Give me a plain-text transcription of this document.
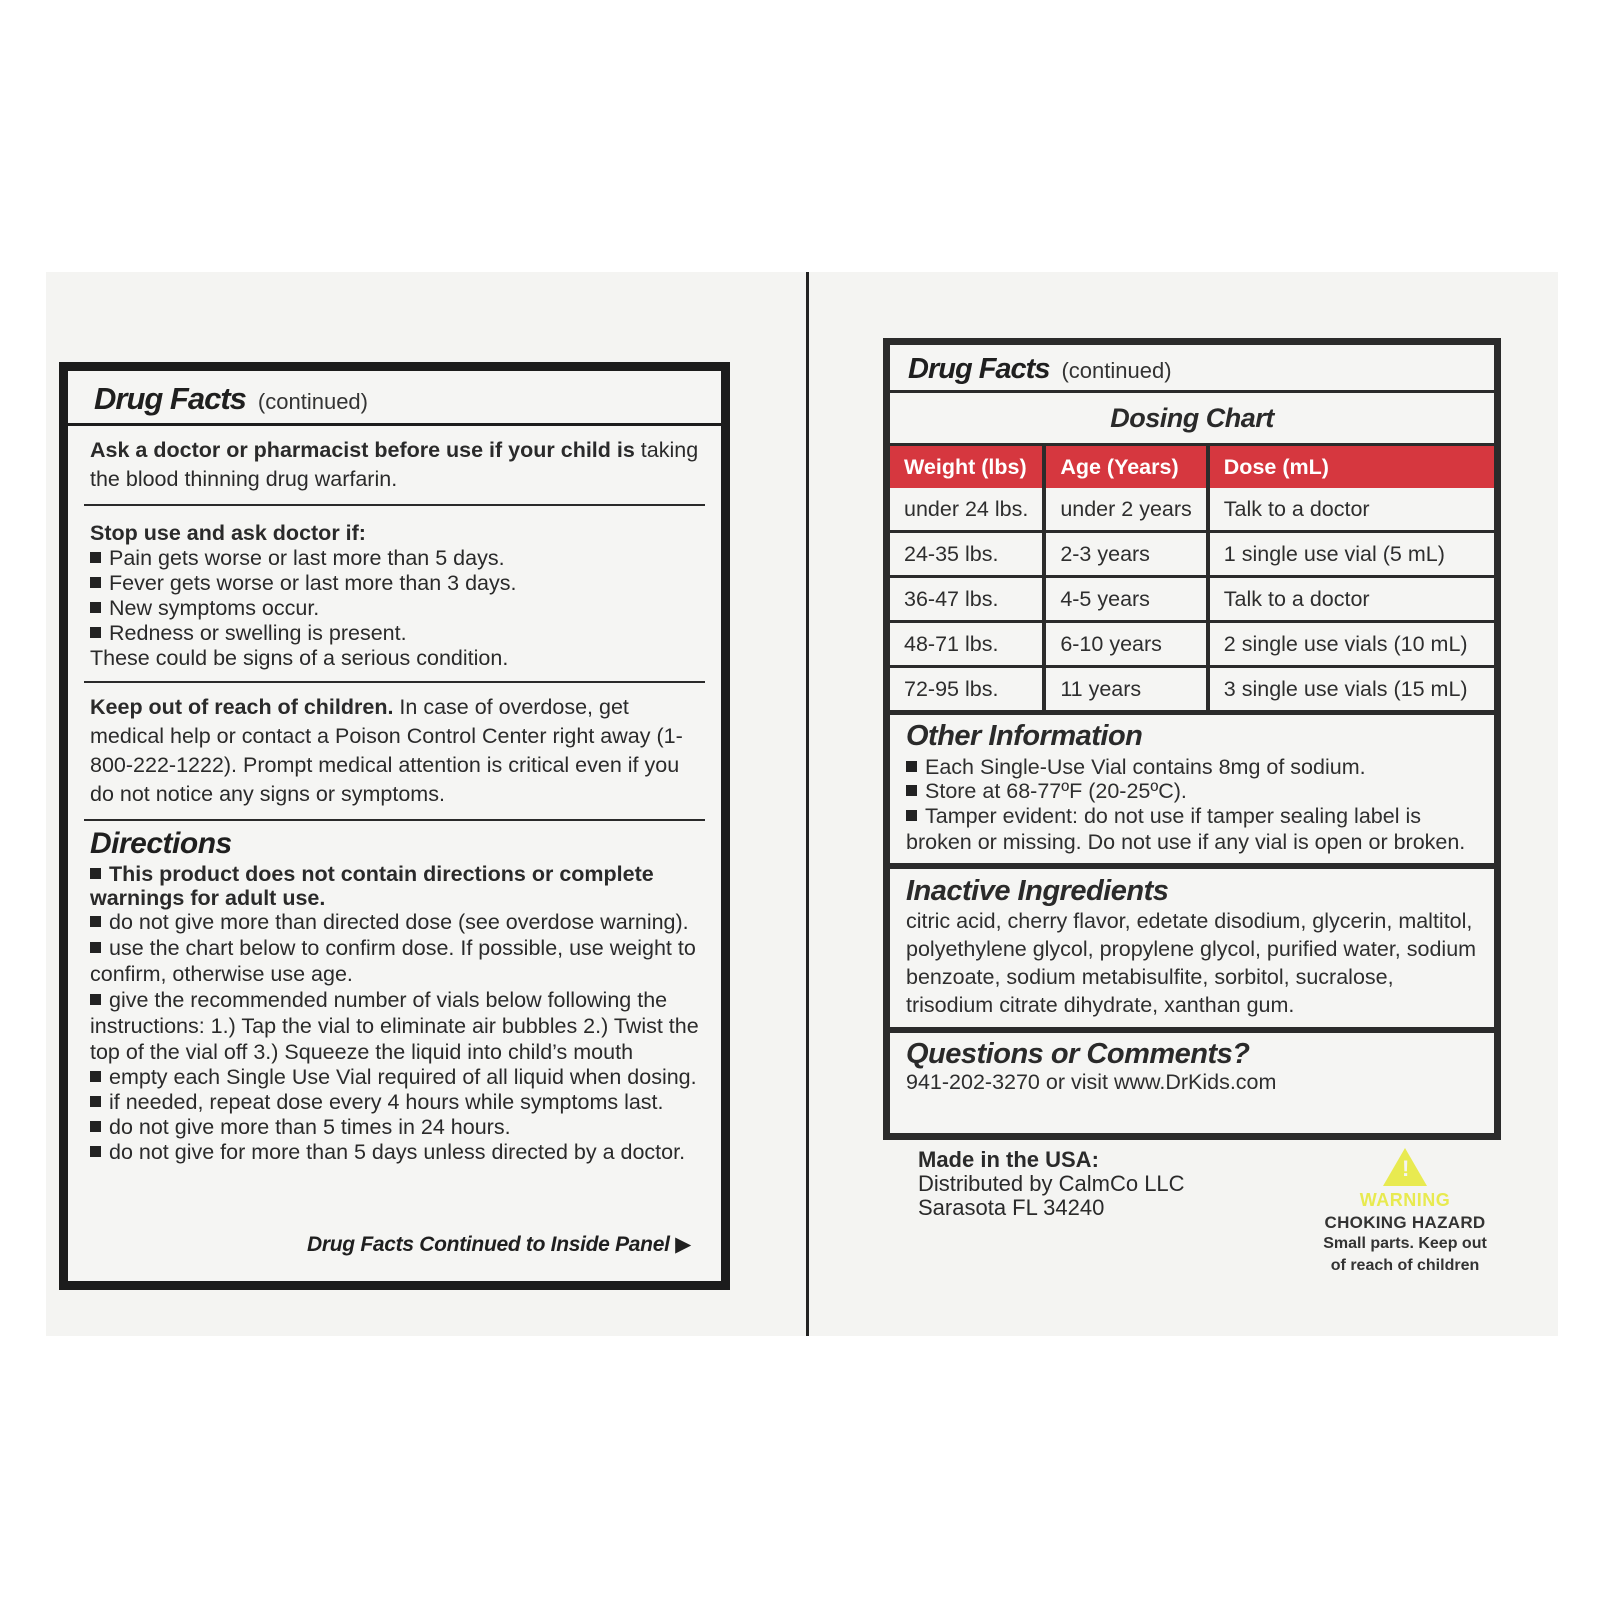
Drug Facts (continued)
Ask a doctor or pharmacist before use if your child is taking the blood thinning drug warfarin.
Stop use and ask doctor if:
Pain gets worse or last more than 5 days.
Fever gets worse or last more than 3 days.
New symptoms occur.
Redness or swelling is present.
These could be signs of a serious condition.
Keep out of reach of children. In case of overdose, get medical help or contact a Poison Control Center right away (1-800-222-1222). Prompt medical attention is critical even if you do not notice any signs or symptoms.
Directions
This product does not contain directions or complete warnings for adult use.
do not give more than directed dose (see overdose warning).
use the chart below to confirm dose. If possible, use weight to confirm, otherwise use age.
give the recommended number of vials below following the instructions: 1.) Tap the vial to eliminate air bubbles 2.) Twist the top of the vial off 3.) Squeeze the liquid into child’s mouth
empty each Single Use Vial required of all liquid when dosing.
if needed, repeat dose every 4 hours while symptoms last.
do not give more than 5 times in 24 hours.
do not give for more than 5 days unless directed by a doctor.
Drug Facts Continued to Inside Panel ▶
Drug Facts (continued)
Dosing Chart
Weight (lbs)	Age (Years)	Dose (mL)
under 24 lbs.	under 2 years	Talk to a doctor
24-35 lbs.	2-3 years	1 single use vial (5 mL)
36-47 lbs.	4-5 years	Talk to a doctor
48-71 lbs.	6-10 years	2 single use vials (10 mL)
72-95 lbs.	11 years	3 single use vials (15 mL)
Other Information
Each Single-Use Vial contains 8mg of sodium.
Store at 68-77ºF (20-25ºC).
Tamper evident: do not use if tamper sealing label is broken or missing. Do not use if any vial is open or broken.
Inactive Ingredients
citric acid, cherry flavor, edetate disodium, glycerin, maltitol, polyethylene glycol, propylene glycol, purified water, sodium benzoate, sodium metabisulfite, sorbitol, sucralose, trisodium citrate dihydrate, xanthan gum.
Questions or Comments?
941-202-3270 or visit www.DrKids.com
Made in the USA:
Distributed by CalmCo LLC
Sarasota FL 34240
!
WARNING
CHOKING HAZARD
Small parts. Keep out
of reach of children
